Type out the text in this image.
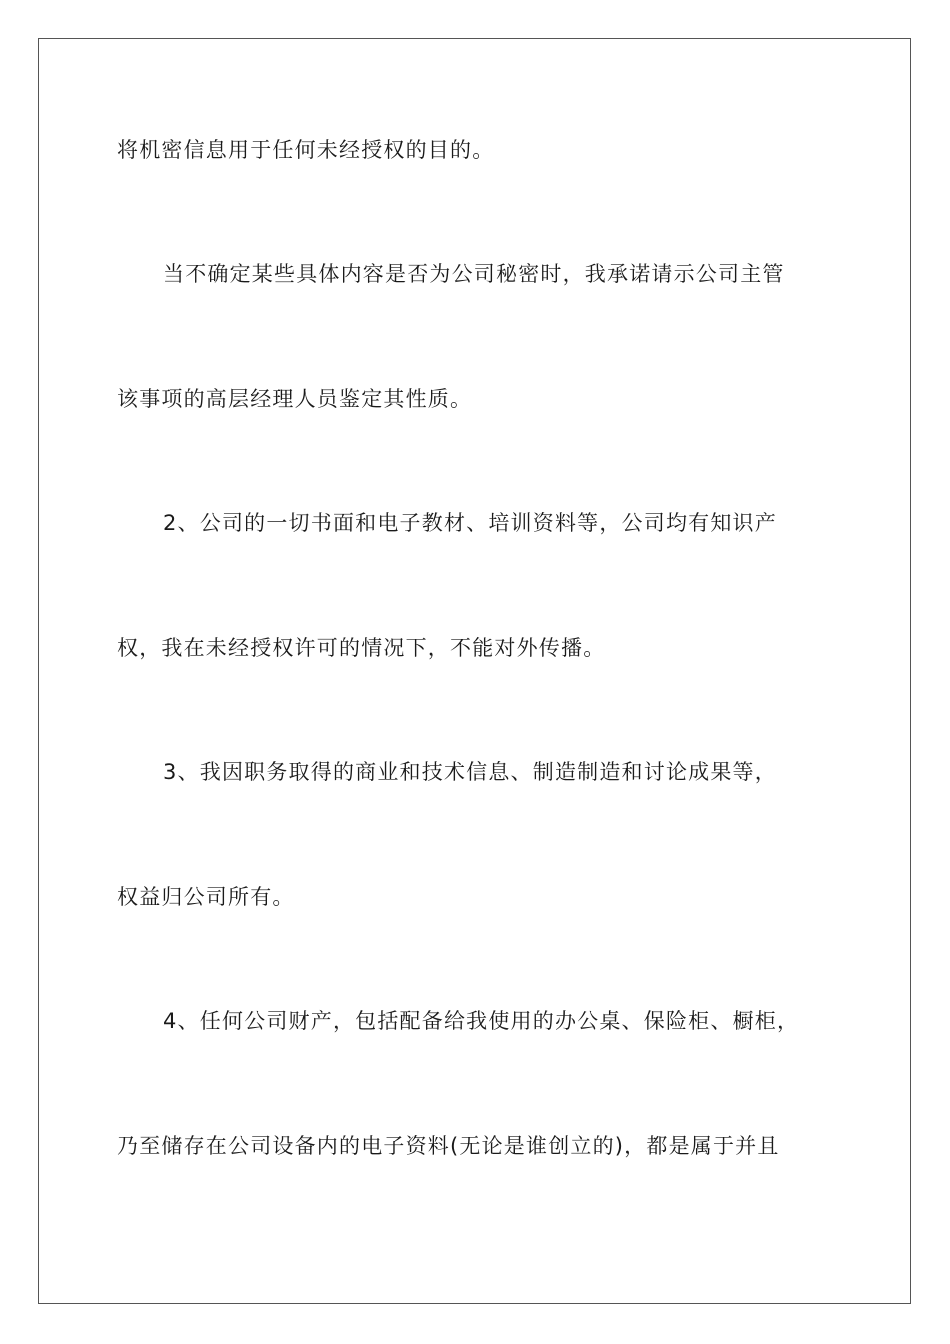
将机密信息用于任何未经授权的目的。
当不确定某些具体内容是否为公司秘密时，我承诺请示公司主管
该事项的高层经理人员鉴定其性质。
2、公司的一切书面和电子教材、培训资料等，公司均有知识产
权，我在未经授权许可的情况下，不能对外传播。
3、我因职务取得的商业和技术信息、制造制造和讨论成果等，
权益归公司所有。
4、任何公司财产，包括配备给我使用的办公桌、保险柜、橱柜，
乃至储存在公司设备内的电子资料(无论是谁创立的)，都是属于并且
